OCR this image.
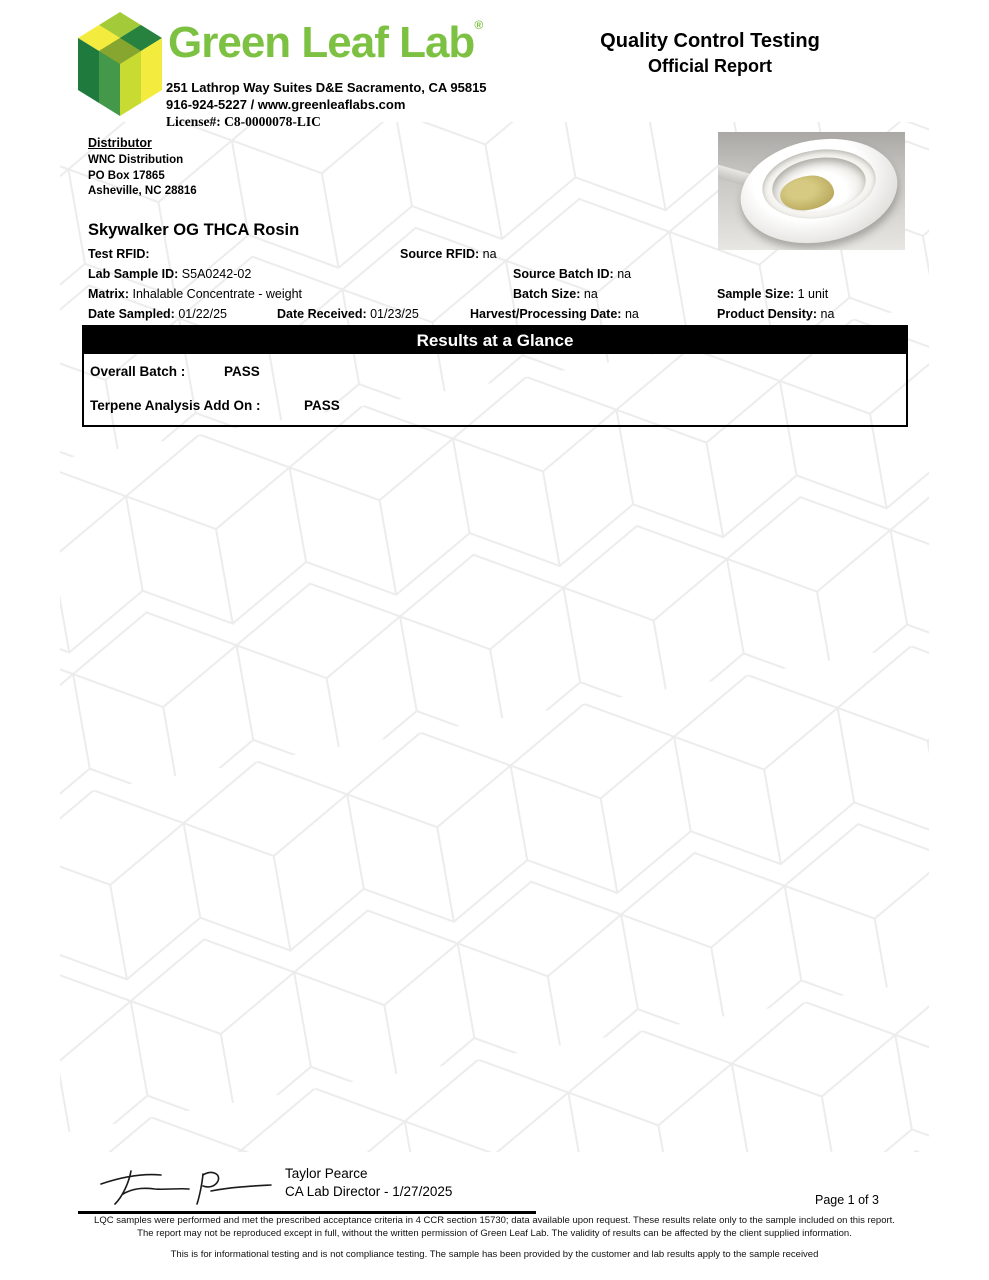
Green Leaf Lab®
251 Lathrop Way Suites D&E Sacramento, CA 95815
916-924-5227 / www.greenleaflabs.com
License#: C8-0000078-LIC
Quality Control Testing
Official Report
Distributor
WNC Distribution
PO Box 17865
Asheville, NC 28816
Skywalker OG THCA Rosin
Test RFID:	Source RFID: na
Lab Sample ID: S5A0242-02	Source Batch ID: na
Matrix: Inhalable Concentrate - weight	Batch Size: na	Sample Size: 1 unit
Date Sampled: 01/22/25	Date Received: 01/23/25	Harvest/Processing Date: na	Product Density: na
Results at a Glance
Overall Batch :	PASS
Terpene Analysis Add On :	PASS
Taylor Pearce
CA Lab Director - 1/27/2025
Page 1 of 3
LQC samples were performed and met the prescribed acceptance criteria in 4 CCR section 15730; data available upon request. These results relate only to the sample included on this report.
The report may not be reproduced except in full, without the written permission of Green Leaf Lab. The validity of results can be affected by the client supplied information.
This is for informational testing and is not compliance testing. The sample has been provided by the customer and lab results apply to the sample received
